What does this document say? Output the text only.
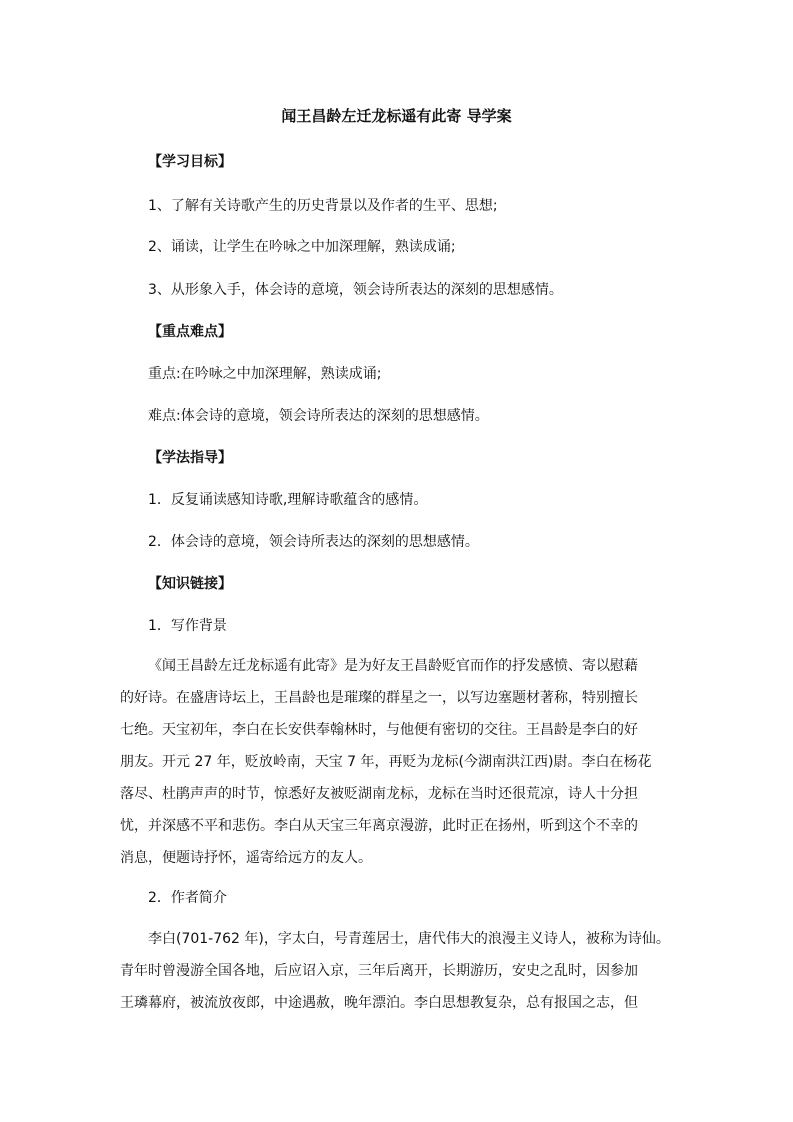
闻王昌龄左迁龙标遥有此寄 导学案
【学习目标】
1、了解有关诗歌产生的历史背景以及作者的生平、思想;
2、诵读，让学生在吟咏之中加深理解，熟读成诵;
3、从形象入手，体会诗的意境，领会诗所表达的深刻的思想感情。
【重点难点】
重点:在吟咏之中加深理解，熟读成诵;
难点:体会诗的意境，领会诗所表达的深刻的思想感情。
【学法指导】
1．反复诵读感知诗歌,理解诗歌蕴含的感情。
2．体会诗的意境，领会诗所表达的深刻的思想感情。
【知识链接】
1．写作背景
《闻王昌龄左迁龙标遥有此寄》是为好友王昌龄贬官而作的抒发感愤、寄以慰藉
的好诗。在盛唐诗坛上，王昌龄也是璀璨的群星之一，以写边塞题材著称，特别擅长
七绝。天宝初年，李白在长安供奉翰林时，与他便有密切的交往。王昌龄是李白的好
朋友。开元 27 年，贬放岭南，天宝 7 年，再贬为龙标(今湖南洪江西)尉。李白在杨花
落尽、杜鹃声声的时节，惊悉好友被贬湖南龙标，龙标在当时还很荒凉，诗人十分担
忧，并深感不平和悲伤。李白从天宝三年离京漫游，此时正在扬州，听到这个不幸的
消息，便题诗抒怀，遥寄给远方的友人。
2．作者简介
李白(701-762 年)，字太白，号青莲居士，唐代伟大的浪漫主义诗人，被称为诗仙。
青年时曾漫游全国各地，后应诏入京，三年后离开，长期游历，安史之乱时，因参加
王璘幕府，被流放夜郎，中途遇赦，晚年漂泊。李白思想教复杂，总有报国之志，但
